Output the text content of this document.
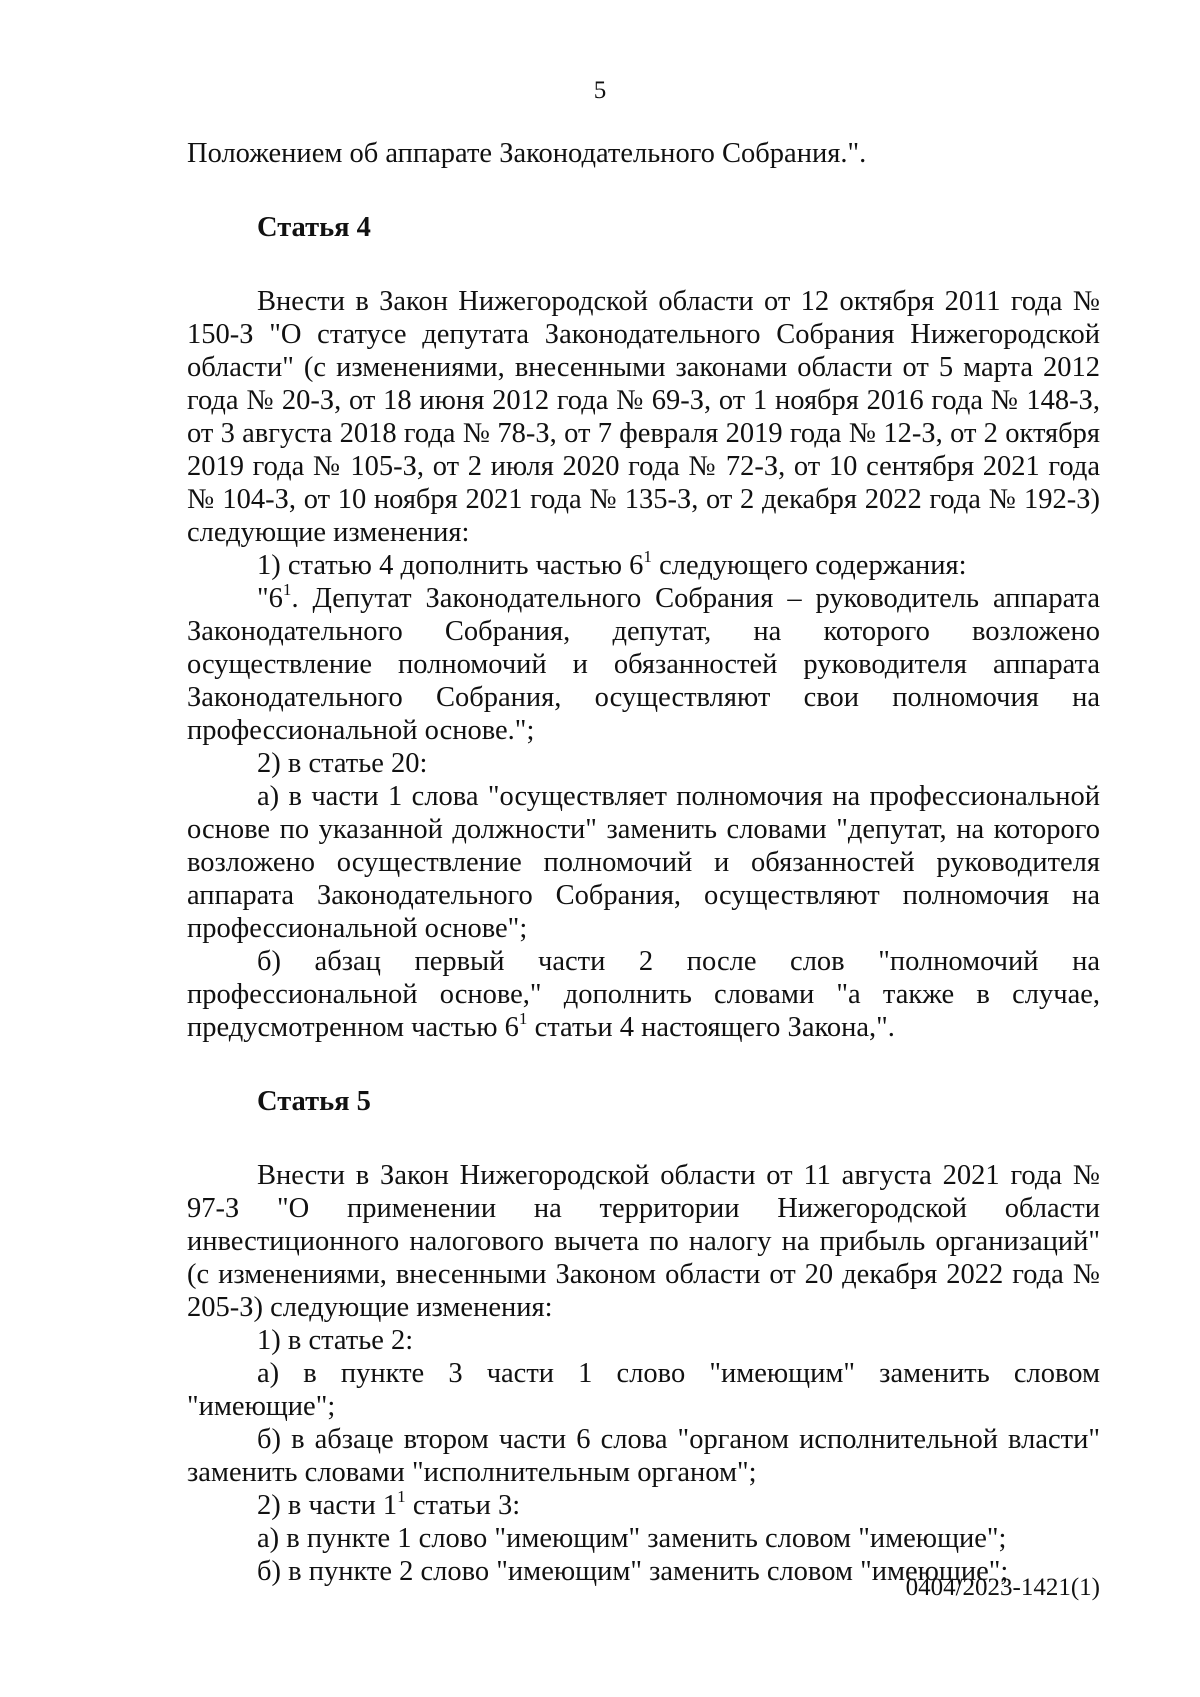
5

Положением об аппарате Законодательного Собрания.".

Статья 4

Внести в Закон Нижегородской области от 12 октября 2011 года № 150-З "О статусе депутата Законодательного Собрания Нижегородской области" (с изменениями, внесенными законами области от 5 марта 2012 года № 20-З, от 18 июня 2012 года № 69-З, от 1 ноября 2016 года № 148-З, от 3 августа 2018 года № 78-З, от 7 февраля 2019 года № 12-З, от 2 октября 2019 года № 105-З, от 2 июля 2020 года № 72-З, от 10 сентября 2021 года № 104-З, от 10 ноября 2021 года № 135-З, от 2 декабря 2022 года № 192-З) следующие изменения:

1) статью 4 дополнить частью $6^1$ следующего содержания:

"$6^1$. Депутат Законодательного Собрания – руководитель аппарата Законодательного Собрания, депутат, на которого возложено осуществление полномочий и обязанностей руководителя аппарата Законодательного Собрания, осуществляют свои полномочия на профессиональной основе.";

2) в статье 20:

а) в части 1 слова "осуществляет полномочия на профессиональной основе по указанной должности" заменить словами "депутат, на которого возложено осуществление полномочий и обязанностей руководителя аппарата Законодательного Собрания, осуществляют полномочия на профессиональной основе";

б) абзац первый части 2 после слов "полномочий на профессиональной основе," дополнить словами "а также в случае, предусмотренном частью $6^1$ статьи 4 настоящего Закона,".

Статья 5

Внести в Закон Нижегородской области от 11 августа 2021 года № 97-З "О применении на территории Нижегородской области инвестиционного налогового вычета по налогу на прибыль организаций" (с изменениями, внесенными Законом области от 20 декабря 2022 года № 205-З) следующие изменения:

1) в статье 2:

а) в пункте 3 части 1 слово "имеющим" заменить словом "имеющие";

б) в абзаце втором части 6 слова "органом исполнительной власти" заменить словами "исполнительным органом";

2) в части $1^1$ статьи 3:

а) в пункте 1 слово "имеющим" заменить словом "имеющие";

б) в пункте 2 слово "имеющим" заменить словом "имеющие";

0404/2023-1421(1)
